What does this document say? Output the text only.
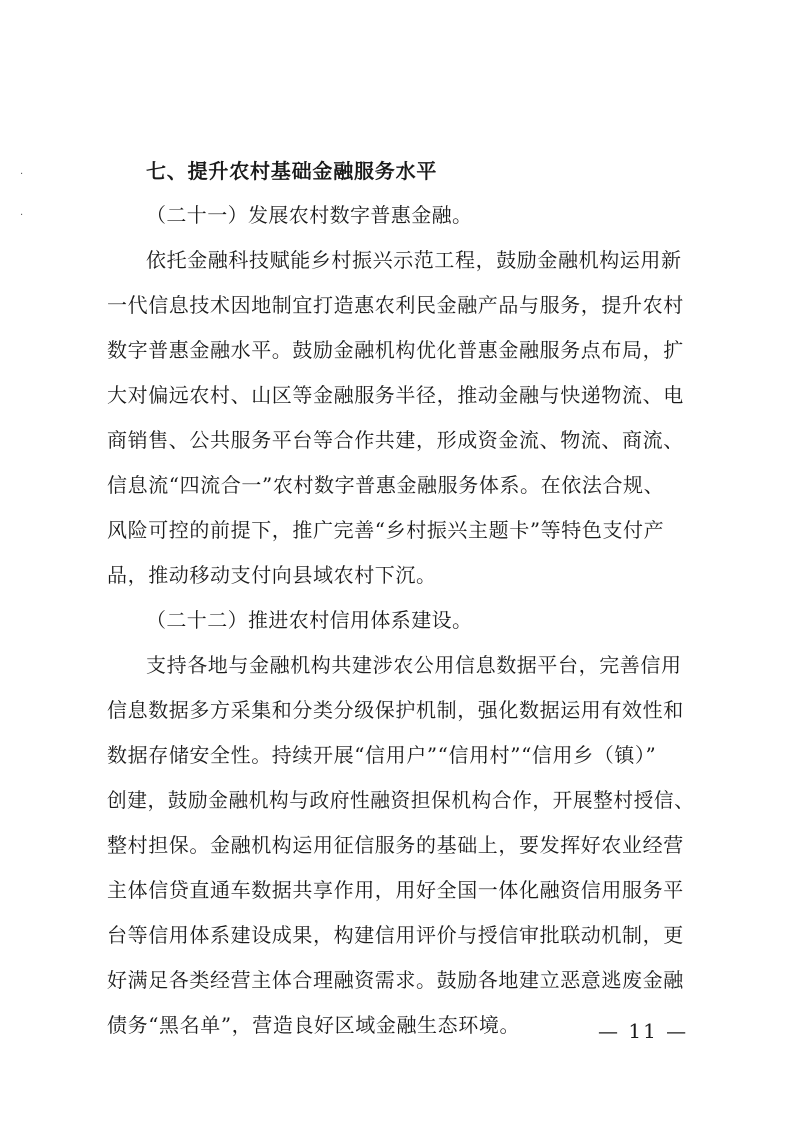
·
·
七、提升农村基础金融服务水平
（二十一）发展农村数字普惠金融。
依托金融科技赋能乡村振兴示范工程，鼓励金融机构运用新
一代信息技术因地制宜打造惠农利民金融产品与服务，提升农村
数字普惠金融水平。鼓励金融机构优化普惠金融服务点布局，扩
大对偏远农村、山区等金融服务半径，推动金融与快递物流、电
商销售、公共服务平台等合作共建，形成资金流、物流、商流、
信息流“四流合一”农村数字普惠金融服务体系。在依法合规、
风险可控的前提下，推广完善“乡村振兴主题卡”等特色支付产
品，推动移动支付向县域农村下沉。
（二十二）推进农村信用体系建设。
支持各地与金融机构共建涉农公用信息数据平台，完善信用
信息数据多方采集和分类分级保护机制，强化数据运用有效性和
数据存储安全性。持续开展“信用户”“信用村”“信用乡（镇）”
创建，鼓励金融机构与政府性融资担保机构合作，开展整村授信、
整村担保。金融机构运用征信服务的基础上，要发挥好农业经营
主体信贷直通车数据共享作用，用好全国一体化融资信用服务平
台等信用体系建设成果，构建信用评价与授信审批联动机制，更
好满足各类经营主体合理融资需求。鼓励各地建立恶意逃废金融
债务“黑名单”，营造良好区域金融生态环境。	— 11 —
